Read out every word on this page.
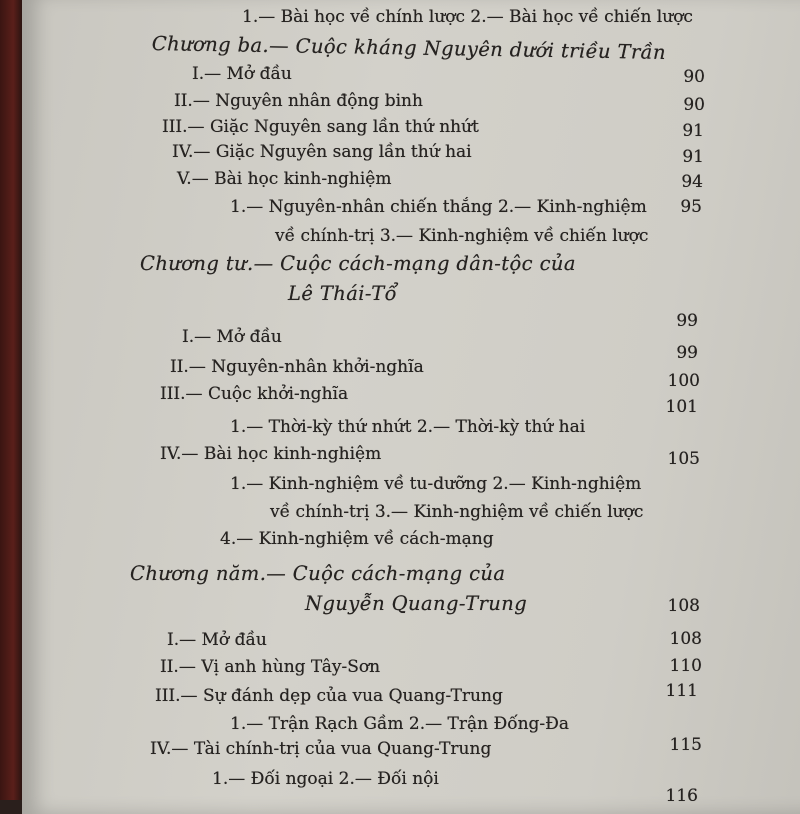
1.— Bài học về chính lược 2.— Bài học về chiến lược
Chương ba.— Cuộc kháng Nguyên dưới triều Trần
I.— Mở đầu
II.— Nguyên nhân động binh
III.— Giặc Nguyên sang lần thứ nhứt
IV.— Giặc Nguyên sang lần thứ hai
V.— Bài học kinh-nghiệm
1.— Nguyên-nhân chiến thắng 2.— Kinh-nghiệm
về chính-trị 3.— Kinh-nghiệm về chiến lược
Chương tư.— Cuộc cách-mạng dân-tộc của
Lê Thái-Tổ
I.— Mở đầu
II.— Nguyên-nhân khởi-nghĩa
III.— Cuộc khởi-nghĩa
1.— Thời-kỳ thứ nhứt 2.— Thời-kỳ thứ hai
IV.— Bài học kinh-nghiệm
1.— Kinh-nghiệm về tu-dưỡng 2.— Kinh-nghiệm
về chính-trị 3.— Kinh-nghiệm về chiến lược
4.— Kinh-nghiệm về cách-mạng
Chương năm.— Cuộc cách-mạng của
Nguyễn Quang-Trung
I.— Mở đầu
II.— Vị anh hùng Tây-Sơn
III.— Sự đánh dẹp của vua Quang-Trung
1.— Trận Rạch Gầm 2.— Trận Đống-Đa
IV.— Tài chính-trị của vua Quang-Trung
1.— Đối ngoại 2.— Đối nội
90
90
91
91
94
95
99
99
100
101
105
108
108
110
111
115
116
